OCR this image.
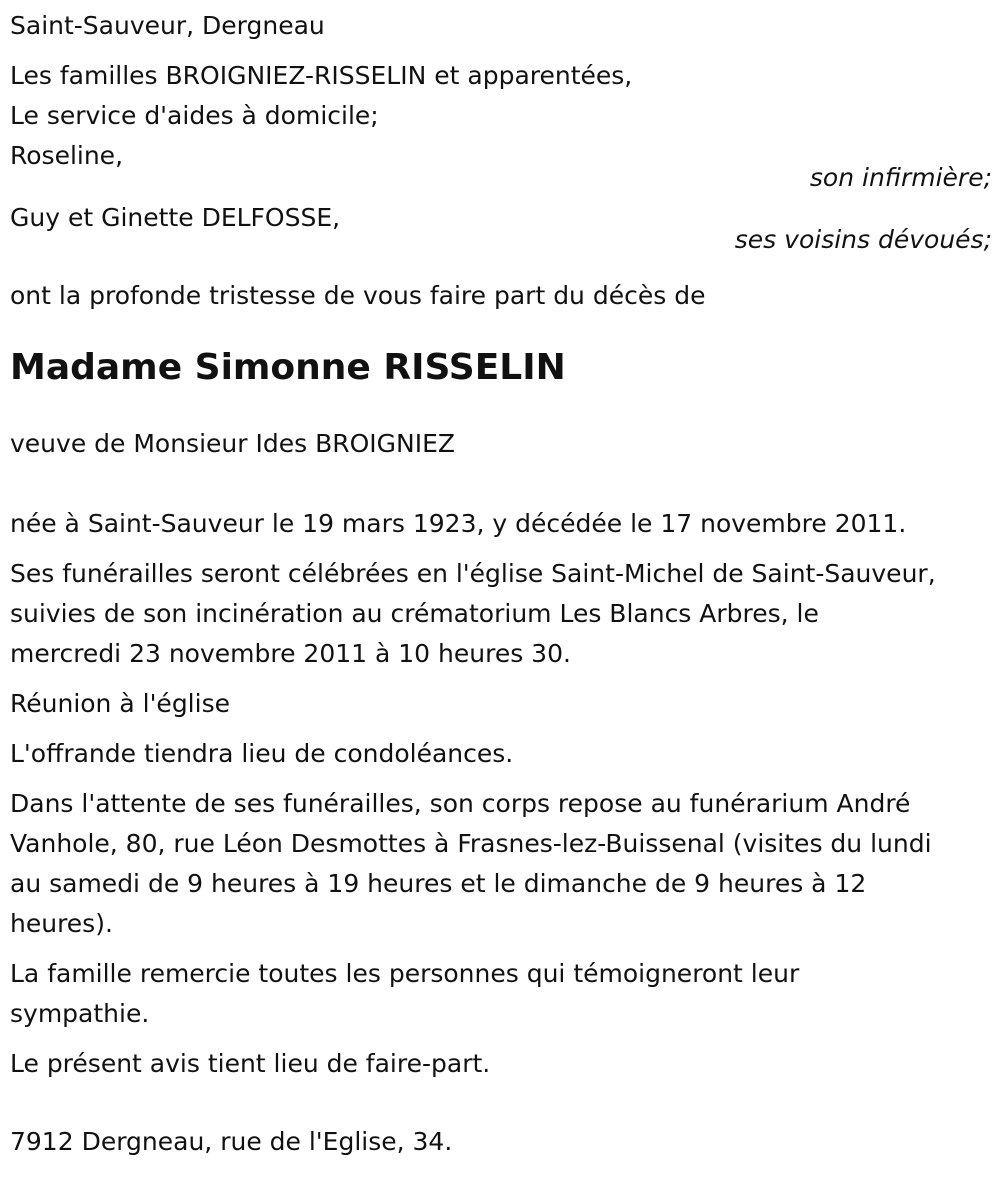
Saint-Sauveur, Dergneau

Les familles BROIGNIEZ-RISSELIN et apparentées,
Le service d'aides à domicile;
Roseline,
son infirmière;
Guy et Ginette DELFOSSE,
ses voisins dévoués;

ont la profonde tristesse de vous faire part du décès de

Madame Simonne RISSELIN

veuve de Monsieur Ides BROIGNIEZ

née à Saint-Sauveur le 19 mars 1923, y décédée le 17 novembre 2011.

Ses funérailles seront célébrées en l'église Saint-Michel de Saint-Sauveur,
suivies de son incinération au crématorium Les Blancs Arbres, le
mercredi 23 novembre 2011 à 10 heures 30.

Réunion à l'église

L'offrande tiendra lieu de condoléances.

Dans l'attente de ses funérailles, son corps repose au funérarium André
Vanhole, 80, rue Léon Desmottes à Frasnes-lez-Buissenal (visites du lundi
au samedi de 9 heures à 19 heures et le dimanche de 9 heures à 12
heures).

La famille remercie toutes les personnes qui témoigneront leur
sympathie.

Le présent avis tient lieu de faire-part.

7912 Dergneau, rue de l'Eglise, 34.
